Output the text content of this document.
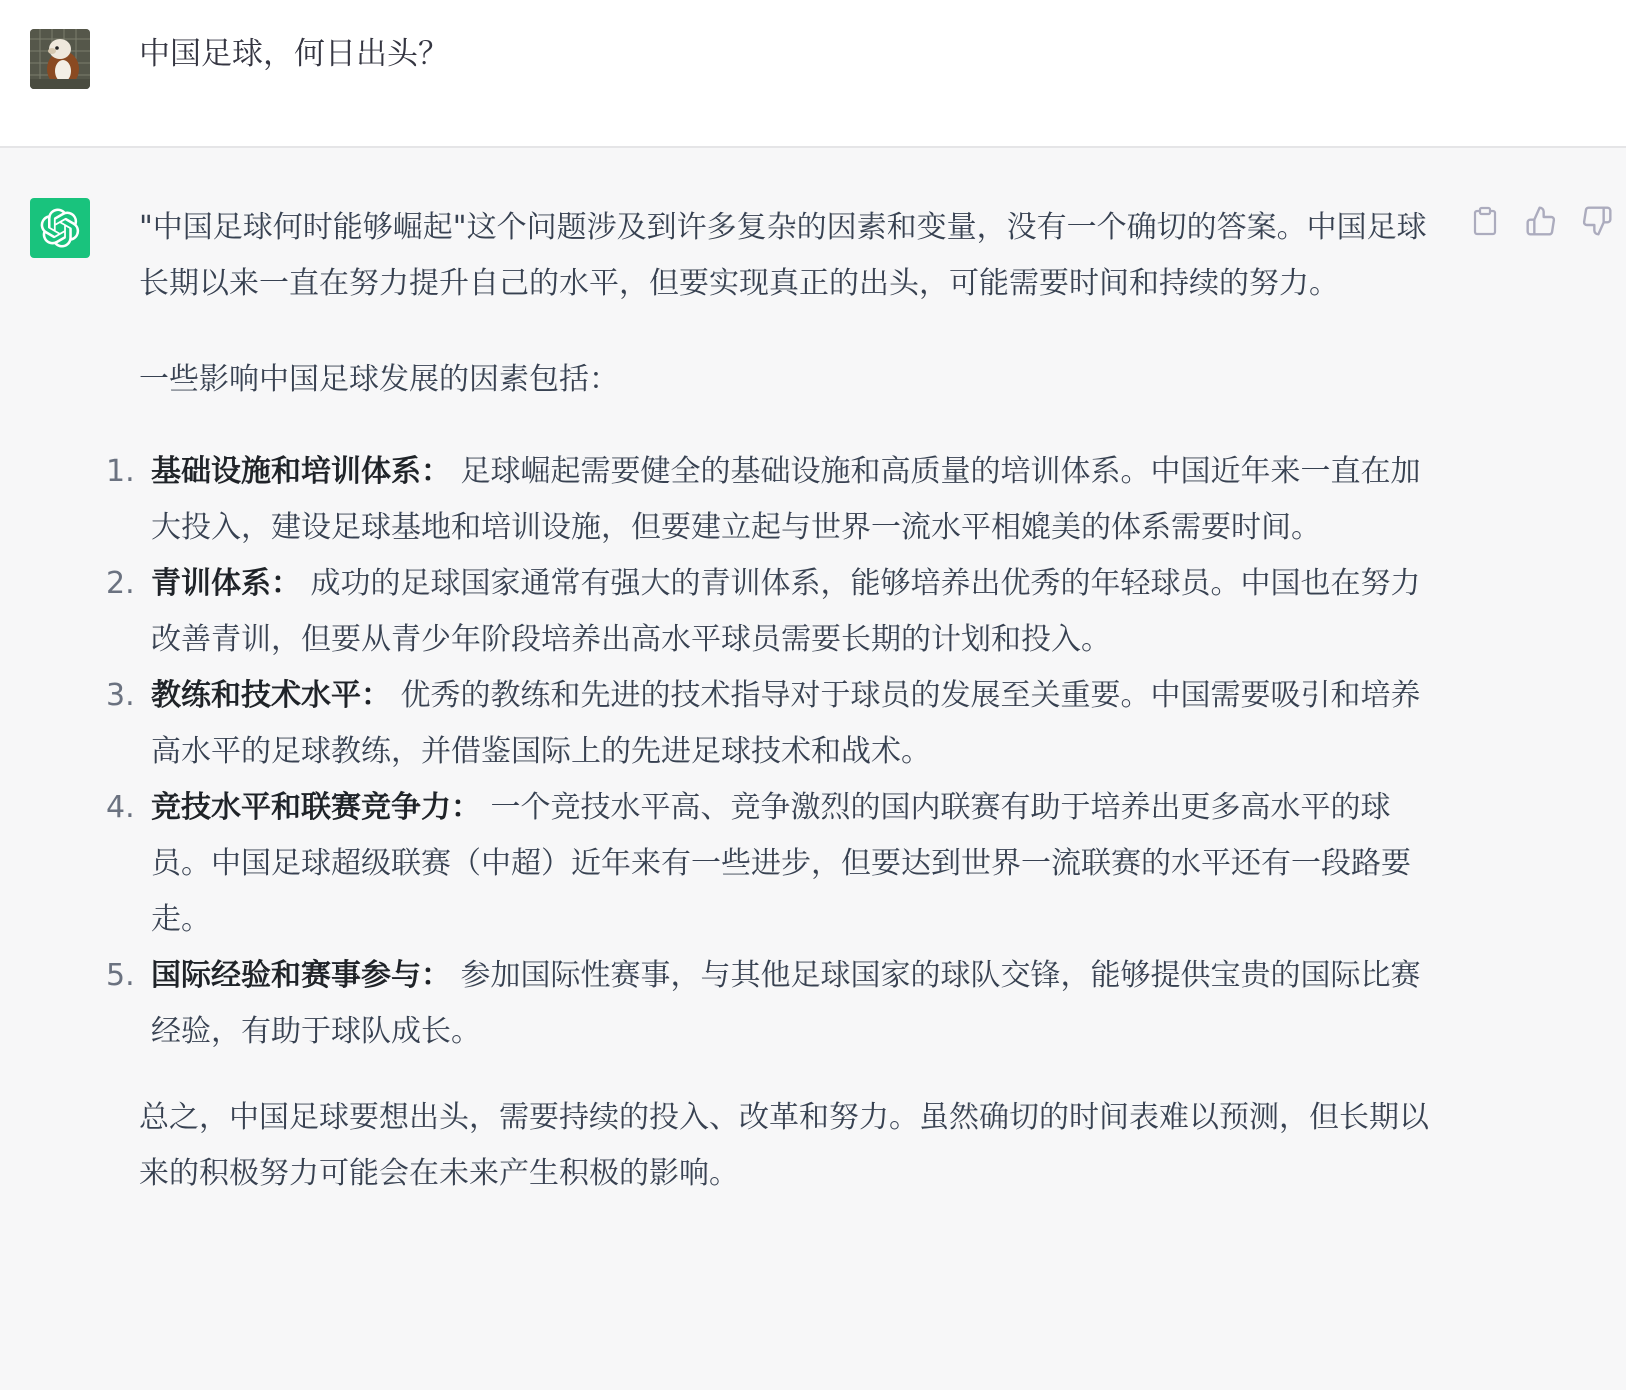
中国足球，何日出头？

"中国足球何时能够崛起"这个问题涉及到许多复杂的因素和变量，没有一个确切的答案。中国足球长期以来一直在努力提升自己的水平，但要实现真正的出头，可能需要时间和持续的努力。

一些影响中国足球发展的因素包括：

1. 基础设施和培训体系： 足球崛起需要健全的基础设施和高质量的培训体系。中国近年来一直在加大投入，建设足球基地和培训设施，但要建立起与世界一流水平相媲美的体系需要时间。
2. 青训体系： 成功的足球国家通常有强大的青训体系，能够培养出优秀的年轻球员。中国也在努力改善青训，但要从青少年阶段培养出高水平球员需要长期的计划和投入。
3. 教练和技术水平： 优秀的教练和先进的技术指导对于球员的发展至关重要。中国需要吸引和培养高水平的足球教练，并借鉴国际上的先进足球技术和战术。
4. 竞技水平和联赛竞争力： 一个竞技水平高、竞争激烈的国内联赛有助于培养出更多高水平的球员。中国足球超级联赛（中超）近年来有一些进步，但要达到世界一流联赛的水平还有一段路要走。
5. 国际经验和赛事参与： 参加国际性赛事，与其他足球国家的球队交锋，能够提供宝贵的国际比赛经验，有助于球队成长。

总之，中国足球要想出头，需要持续的投入、改革和努力。虽然确切的时间表难以预测，但长期以来的积极努力可能会在未来产生积极的影响。
